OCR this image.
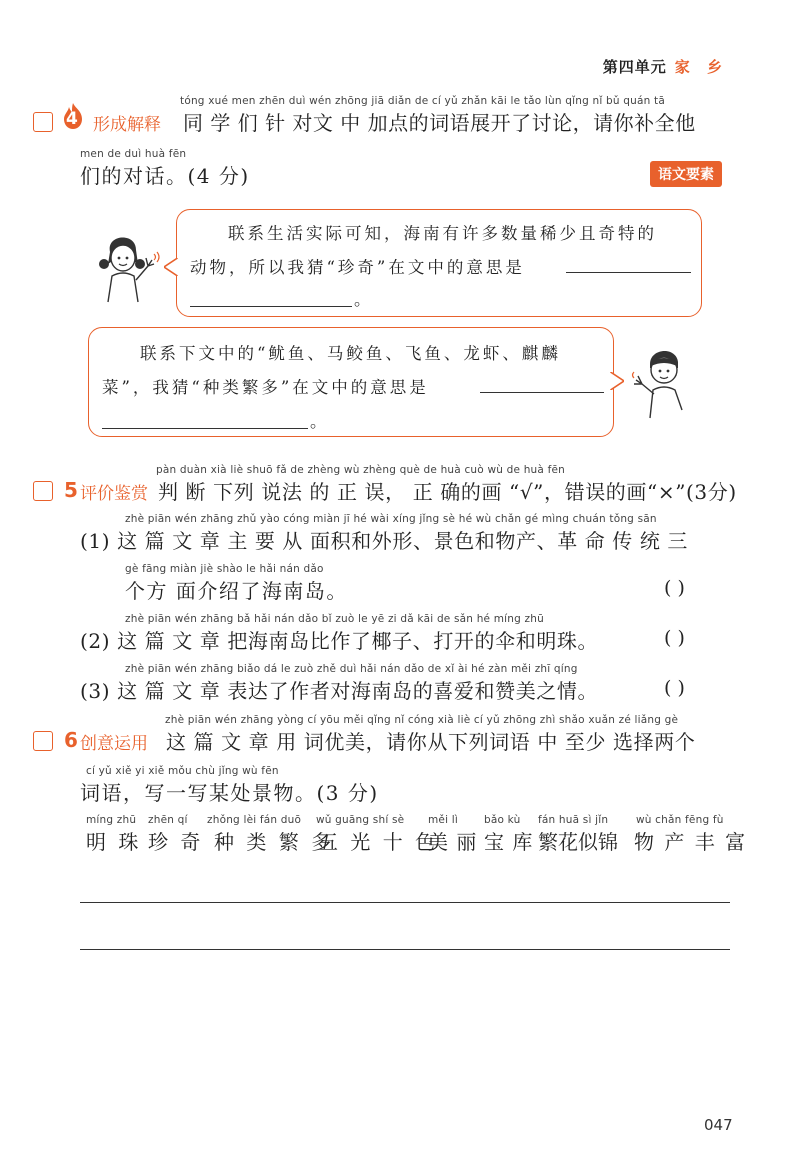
第四单元 家 乡
4 形成解释
tóng xué men zhēn duì wén zhōng jiā diǎn de cí yǔ zhǎn kāi le tǎo lùn qǐng nǐ bǔ quán tā
同 学 们 针 对文 中 加点的词语展开了讨论，请你补全他
men de duì huà fēn
们的对话。(4 分)	语文要素
联系生活实际可知，海南有许多数量稀少且奇特的
动物，所以我猜“珍奇”在文中的意思是
。
联系下文中的“鱿鱼、马鲛鱼、飞鱼、龙虾、麒麟
菜”，我猜“种类繁多”在文中的意思是
。
5 评价鉴赏
pàn duàn xià liè shuō fǎ de zhèng wù zhèng què de huà cuò wù de huà fēn
判 断 下列 说法 的 正 误， 正 确的画 “√”，错误的画“×”(3分)
zhè piān wén zhāng zhǔ yào cóng miàn jī hé wài xíng jǐng sè hé wù chǎn gé mìng chuán tǒng sān
(1) 这 篇 文 章 主 要 从 面积和外形、景色和物产、革 命 传 统 三
gè fāng miàn jiè shào le hǎi nán dǎo
个方 面介绍了海南岛。	( )
zhè piān wén zhāng bǎ hǎi nán dǎo bǐ zuò le yē zi dǎ kāi de sǎn hé míng zhū
(2) 这 篇 文 章 把海南岛比作了椰子、打开的伞和明珠。	( )
zhè piān wén zhāng biǎo dá le zuò zhě duì hǎi nán dǎo de xǐ ài hé zàn měi zhī qíng
(3) 这 篇 文 章 表达了作者对海南岛的喜爱和赞美之情。	( )
6 创意运用
zhè piān wén zhāng yòng cí yōu měi qǐng nǐ cóng xià liè cí yǔ zhōng zhì shǎo xuǎn zé liǎng gè
这 篇 文 章 用 词优美，请你从下列词语 中 至少 选择两个
cí yǔ xiě yi xiě mǒu chù jǐng wù fēn
词语，写一写某处景物。(3 分)
míng zhū
明 珠
zhēn qí
珍 奇
zhǒng lèi fán duō
种 类 繁 多
wǔ guāng shí sè
五 光 十 色
měi lì
美 丽
bǎo kù
宝 库
fán huā sì jǐn
繁花似锦
wù chǎn fēng fù
物 产 丰 富
047
